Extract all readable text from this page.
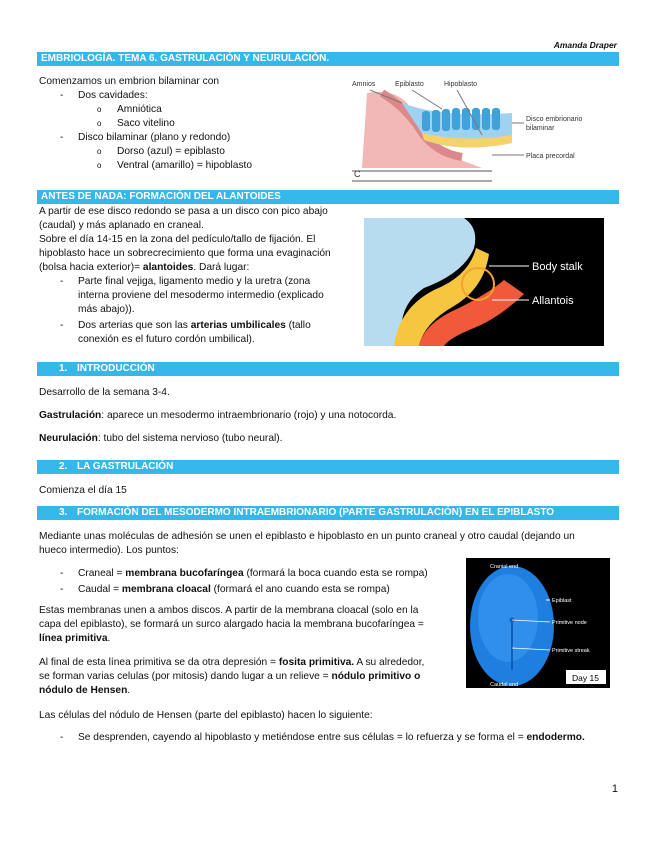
Amanda Draper
EMBRIOLOGÍA. TEMA 6. GASTRULACIÓN Y NEURULACIÓN.
Comenzamos un embrion bilaminar con
- Dos cavidades:
o Amniótica
o Saco vitelino
- Disco bilaminar (plano y redondo)
o Dorso (azul) = epiblasto
o Ventral (amarillo) = hipoblasto
Amnios	Epiblasto	Hipoblasto
Disco embrionario
bilaminar
Placa precordal
C
ANTES DE NADA: FORMACIÓN DEL ALANTOIDES
A partir de ese disco redondo se pasa a un disco con pico abajo
(caudal) y más aplanado en craneal.
Sobre el día 14-15 en la zona del pedículo/tallo de fijación. El
hipoblasto hace un sobrecrecimiento que forma una evaginación
(bolsa hacia exterior)= alantoides. Dará lugar:
- Parte final vejiga, ligamento medio y la uretra (zona
interna proviene del mesodermo intermedio (explicado
más abajo)).
- Dos arterias que son las arterias umbilicales (tallo
conexión es el futuro cordón umbilical).
Body stalk
Allantois
1. INTRODUCCIÓN
Desarrollo de la semana 3-4.
Gastrulación: aparece un mesodermo intraembrionario (rojo) y una notocorda.
Neurulación: tubo del sistema nervioso (tubo neural).
2. LA GASTRULACIÓN
Comienza el día 15
3. FORMACIÓN DEL MESODERMO INTRAEMBRIONARIO (PARTE GASTRULACIÓN) EN EL EPIBLASTO
Mediante unas moléculas de adhesión se unen el epiblasto e hipoblasto en un punto craneal y otro caudal (dejando un
hueco intermedio). Los puntos:
- Craneal = membrana bucofaríngea (formará la boca cuando esta se rompa)
- Caudal = membrana cloacal (formará el ano cuando esta se rompa)
Estas membranas unen a ambos discos. A partir de la membrana cloacal (solo en la
capa del epiblasto), se formará un surco alargado hacia la membrana bucofaríngea =
línea primitiva.
Al final de esta línea primitiva se da otra depresión = fosita primitiva. A su alrededor,
se forman varias celulas (por mitosis) dando lugar a un relieve = nódulo primitivo o
nódulo de Hensen.
Las células del nódulo de Hensen (parte del epiblasto) hacen lo siguiente:
- Se desprenden, cayendo al hipoblasto y metiéndose entre sus células = lo refuerza y se forma el = endodermo.
Cranial end
Epiblast
Primitive node
Primitive streak
Caudal end
Day 15
1
